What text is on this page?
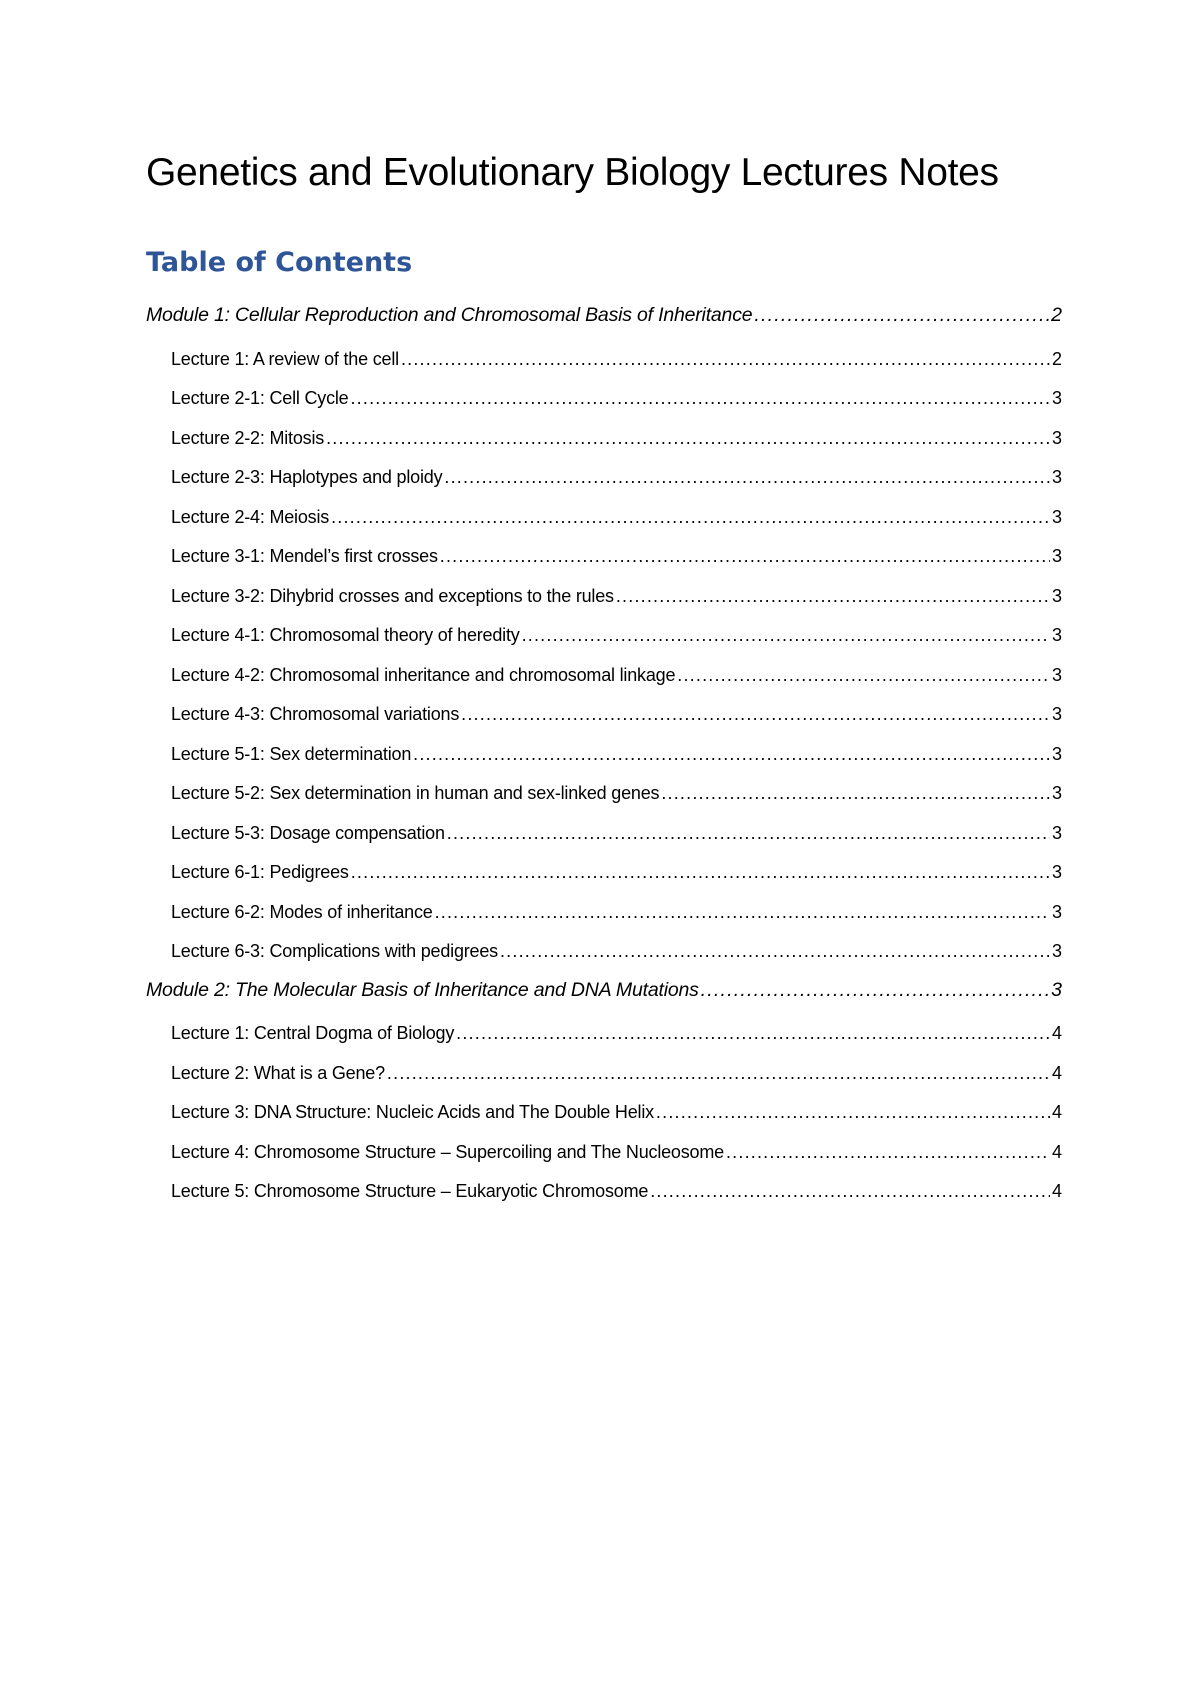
Genetics and Evolutionary Biology Lectures Notes
Table of Contents
Module 1: Cellular Reproduction and Chromosomal Basis of Inheritance .....	2
Lecture 1: A review of the cell .....	2
Lecture 2-1: Cell Cycle .....	3
Lecture 2-2: Mitosis .....	3
Lecture 2-3: Haplotypes and ploidy .....	3
Lecture 2-4: Meiosis .....	3
Lecture 3-1: Mendel’s first crosses .....	3
Lecture 3-2: Dihybrid crosses and exceptions to the rules .....	3
Lecture 4-1: Chromosomal theory of heredity .....	3
Lecture 4-2: Chromosomal inheritance and chromosomal linkage .....	3
Lecture 4-3: Chromosomal variations .....	3
Lecture 5-1: Sex determination .....	3
Lecture 5-2: Sex determination in human and sex-linked genes .....	3
Lecture 5-3: Dosage compensation .....	3
Lecture 6-1: Pedigrees .....	3
Lecture 6-2: Modes of inheritance .....	3
Lecture 6-3: Complications with pedigrees .....	3
Module 2: The Molecular Basis of Inheritance and DNA Mutations .....	3
Lecture 1: Central Dogma of Biology .....	4
Lecture 2: What is a Gene? .....	4
Lecture 3: DNA Structure: Nucleic Acids and The Double Helix .....	4
Lecture 4: Chromosome Structure – Supercoiling and The Nucleosome .....	4
Lecture 5: Chromosome Structure – Eukaryotic Chromosome .....	4
